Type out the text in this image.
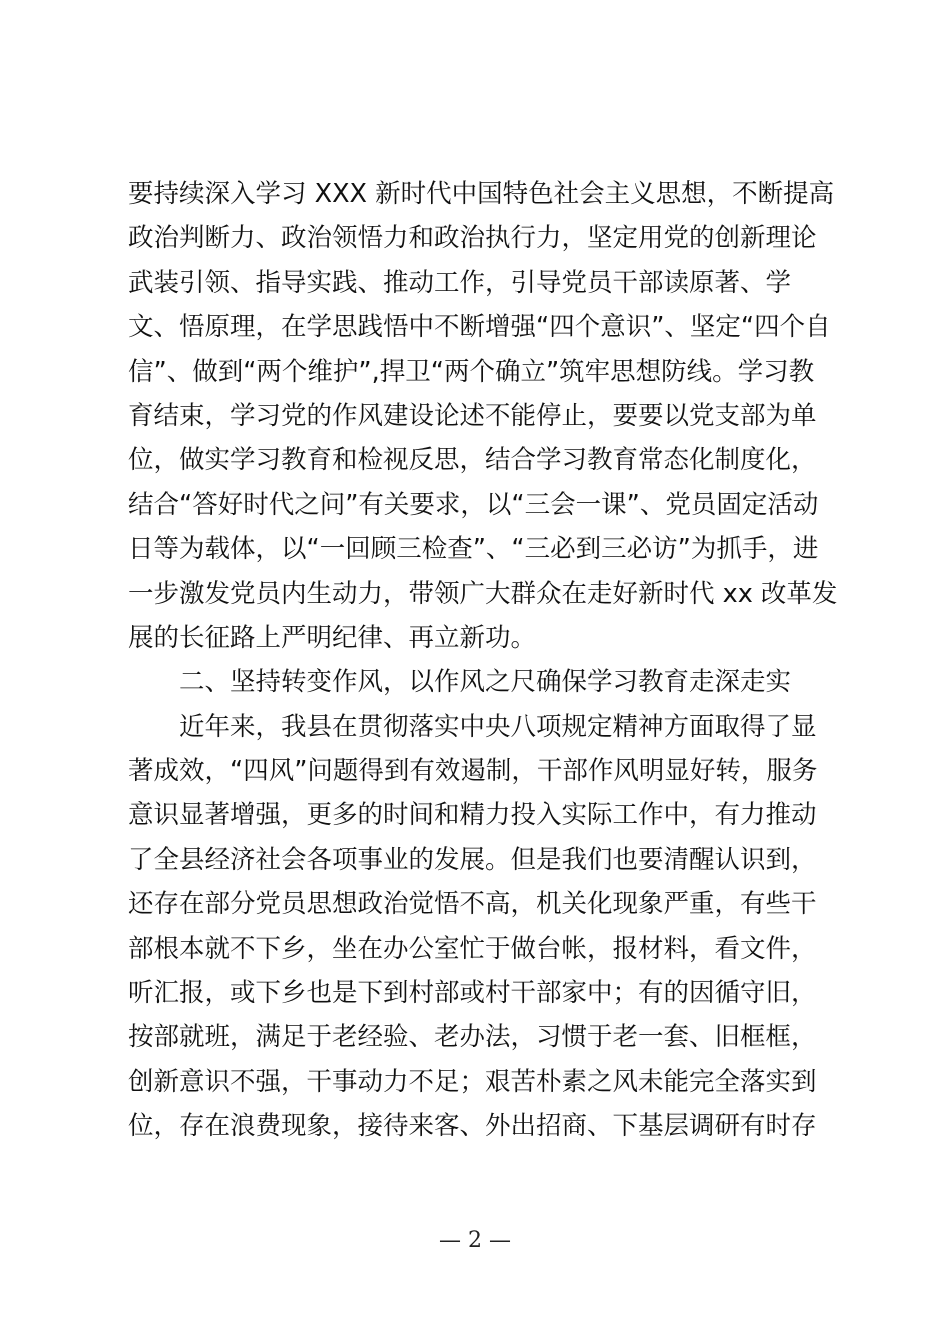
要持续深入学习 XXX 新时代中国特色社会主义思想，不断提高
政治判断力、政治领悟力和政治执行力，坚定用党的创新理论
武装引领、指导实践、推动工作，引导党员干部读原著、学
文、悟原理，在学思践悟中不断增强“四个意识”、坚定“四个自
信”、做到“两个维护”,捍卫“两个确立”筑牢思想防线。学习教
育结束，学习党的作风建设论述不能停止，要要以党支部为单
位，做实学习教育和检视反思，结合学习教育常态化制度化，
结合“答好时代之问”有关要求，以“三会一课”、党员固定活动
日等为载体，以“一回顾三检查”、“三必到三必访”为抓手，进
一步激发党员内生动力，带领广大群众在走好新时代 xx 改革发
展的长征路上严明纪律、再立新功。
二、坚持转变作风，以作风之尺确保学习教育走深走实
近年来，我县在贯彻落实中央八项规定精神方面取得了显
著成效，“四风”问题得到有效遏制，干部作风明显好转，服务
意识显著增强，更多的时间和精力投入实际工作中，有力推动
了全县经济社会各项事业的发展。但是我们也要清醒认识到，
还存在部分党员思想政治觉悟不高，机关化现象严重，有些干
部根本就不下乡，坐在办公室忙于做台帐，报材料，看文件，
听汇报，或下乡也是下到村部或村干部家中；有的因循守旧，
按部就班，满足于老经验、老办法，习惯于老一套、旧框框，
创新意识不强，干事动力不足；艰苦朴素之风未能完全落实到
位，存在浪费现象，接待来客、外出招商、下基层调研有时存
— 2 —
